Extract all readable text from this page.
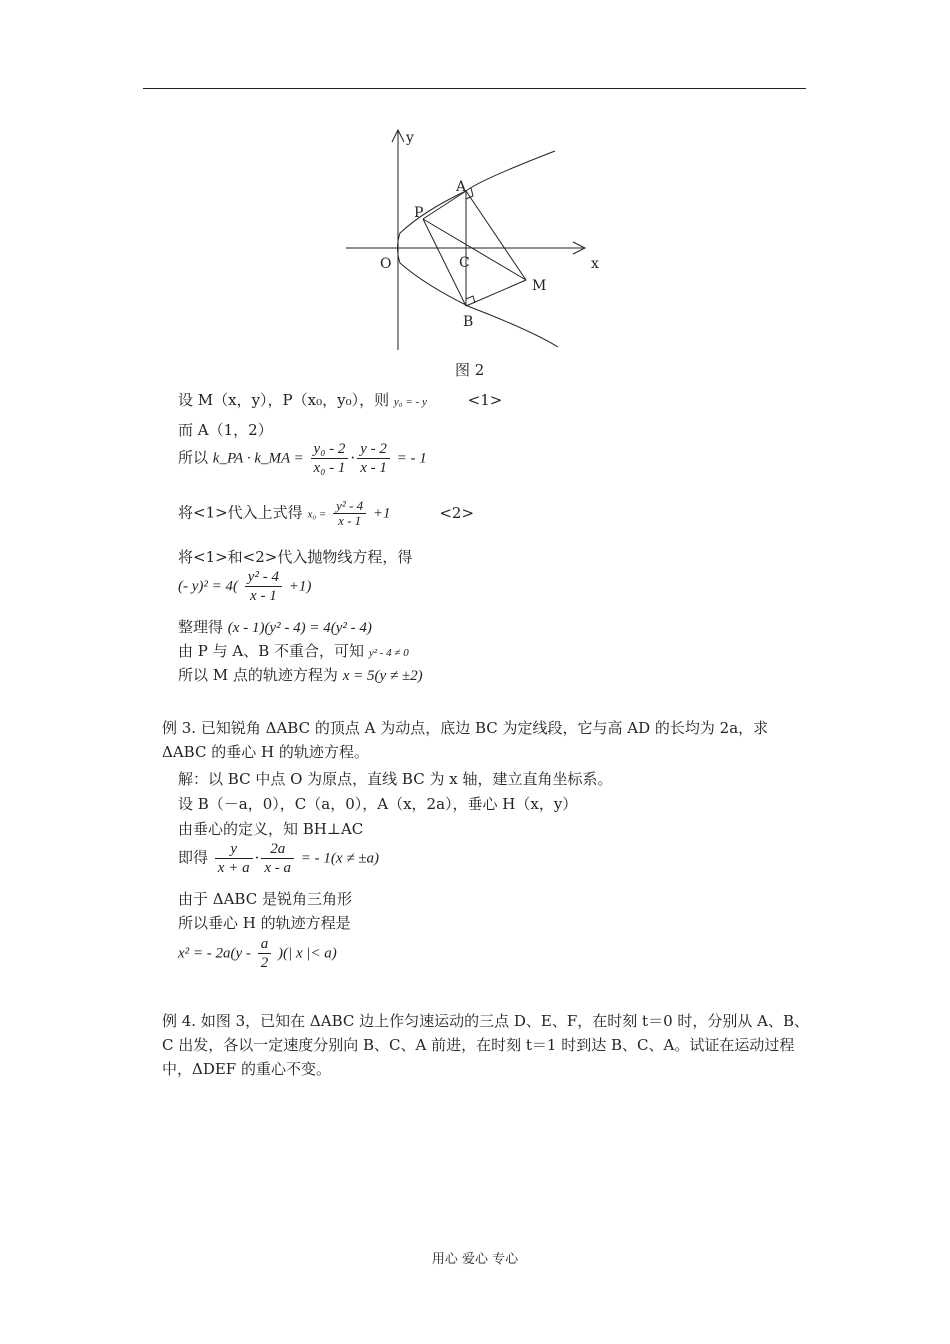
y
x
O
A
P
C
M
B
图 2
设 M（x，y），P（x₀，y₀），则 y₀ = - y	<1>
而 A（1，2）
所以 k_PA · k_MA = $\frac{\text{y₀ - 2}}{\text{x₀ - 1}} \cdot \frac{y - 2}{x - 1}$ = - 1
将<1>代入上式得 $x_0 = \frac{\text{y² - 4}}{x - 1} +1$	<2>
将<1>和<2>代入抛物线方程，得
(- $y)^2 = 4( \frac{\text{y² - 4}}{x - 1} +1)$
整理得 (x - 1)(y² - 4) = 4(y² - 4)
由 P 与 A、B 不重合，可知 y² - 4 ≠ 0
所以 M 点的轨迹方程为 x = 5(y ≠ ±2)
例 3. 已知锐角 ΔABC 的顶点 A 为动点，底边 BC 为定线段，它与高 AD 的长均为 2a，求ΔABC 的垂心 H 的轨迹方程。
解：以 BC 中点 O 为原点，直线 BC 为 x 轴，建立直角坐标系。
设 B（－a，0），C（a，0），A（x，2a），垂心 H（x，y）
由垂心的定义，知 BH⊥AC
即得 $\frac{y}{x + a} \cdot \frac{2a}{x - a}$ = - 1(x ≠ ±a)
由于 ΔABC 是锐角三角形
所以垂心 H 的轨迹方程是
x² = - $2a(y - \frac{a}{2}$ )(| x |< a)
例 4. 如图 3，已知在 ΔABC 边上作匀速运动的三点 D、E、F，在时刻 t＝0 时，分别从 A、B、C 出发，各以一定速度分别向 B、C、A 前进，在时刻 t＝1 时到达 B、C、A。试证在运动过程中，ΔDEF 的重心不变。
用心 爱心 专心
